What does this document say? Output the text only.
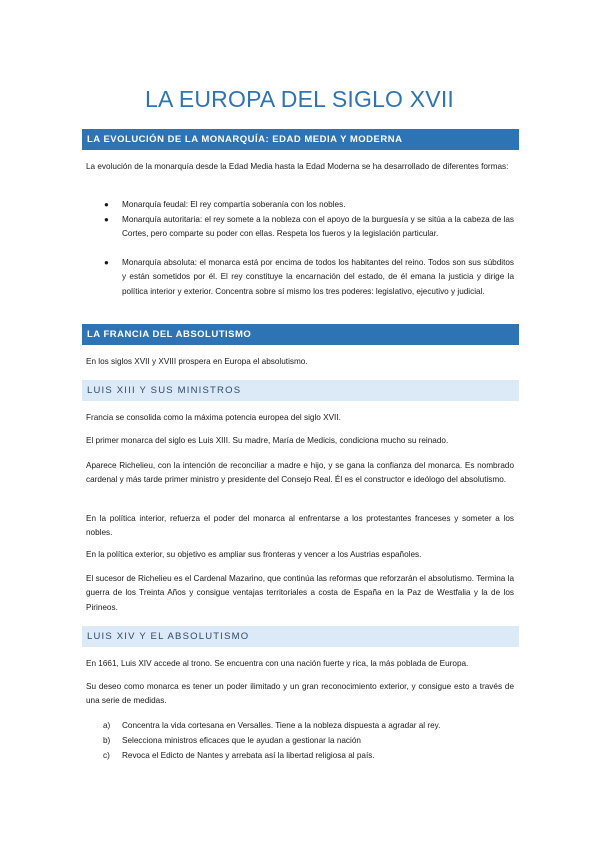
LA EUROPA DEL SIGLO XVII
LA EVOLUCIÓN DE LA MONARQUÍA: EDAD MEDIA Y MODERNA

La evolución de la monarquía desde la Edad Media hasta la Edad Moderna se ha desarrollado de diferentes formas:

● Monarquía feudal: El rey compartía soberanía con los nobles.

● Monarquía autoritaria: el rey somete a la nobleza con el apoyo de la burguesía y se sitúa a la cabeza de las Cortes, pero comparte su poder con ellas. Respeta los fueros y la legislación particular.

● Monarquía absoluta: el monarca está por encima de todos los habitantes del reino. Todos son sus súbditos y están sometidos por él. El rey constituye la encarnación del estado, de él emana la justicia y dirige la política interior y exterior. Concentra sobre sí mismo los tres poderes: legislativo, ejecutivo y judicial.

LA FRANCIA DEL ABSOLUTISMO

En los siglos XVII y XVIII prospera en Europa el absolutismo.

LUIS XIII Y SUS MINISTROS

Francia se consolida como la máxima potencia europea del siglo XVII.

El primer monarca del siglo es Luis XIII. Su madre, María de Medicis, condiciona mucho su reinado.

Aparece Richelieu, con la intención de reconciliar a madre e hijo, y se gana la confianza del monarca. Es nombrado cardenal y más tarde primer ministro y presidente del Consejo Real. Él es el constructor e ideólogo del absolutismo.

En la política interior, refuerza el poder del monarca al enfrentarse a los protestantes franceses y someter a los nobles.

En la política exterior, su objetivo es ampliar sus fronteras y vencer a los Austrias españoles.

El sucesor de Richelieu es el Cardenal Mazarino, que continúa las reformas que reforzarán el absolutismo. Termina la guerra de los Treinta Años y consigue ventajas territoriales a costa de España en la Paz de Westfalia y la de los Pirineos.

LUIS XIV Y EL ABSOLUTISMO

En 1661, Luis XIV accede al trono. Se encuentra con una nación fuerte y rica, la más poblada de Europa.

Su deseo como monarca es tener un poder ilimitado y un gran reconocimiento exterior, y consigue esto a través de una serie de medidas.

a) Concentra la vida cortesana en Versalles. Tiene a la nobleza dispuesta a agradar al rey.

b) Selecciona ministros eficaces que le ayudan a gestionar la nación

c) Revoca el Edicto de Nantes y arrebata así la libertad religiosa al país.
